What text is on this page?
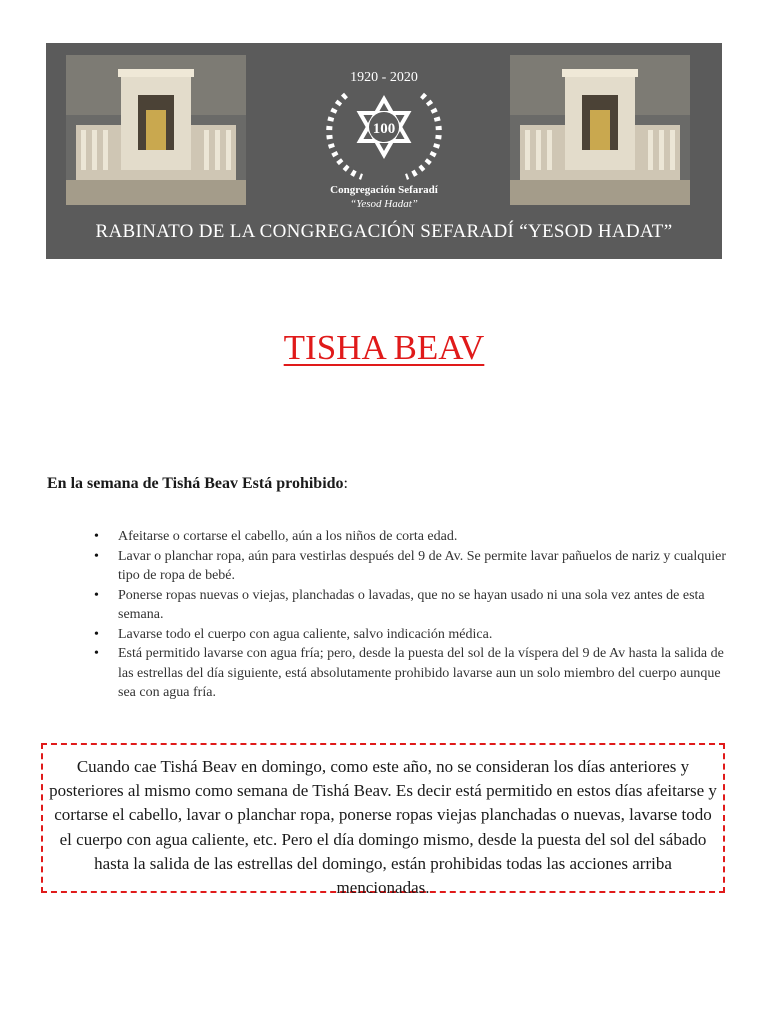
1920 - 2020
100
Congregación Sefaradí
“Yesod Hadat”
RABINATO DE LA CONGREGACIÓN SEFARADÍ “YESOD HADAT”
TISHA BEAV
En la semana de Tishá Beav Está prohibido:
• Afeitarse o cortarse el cabello, aún a los niños de corta edad.
• Lavar o planchar ropa, aún para vestirlas después del 9 de Av. Se permite lavar pañuelos de nariz y cualquier tipo de ropa de bebé.
• Ponerse ropas nuevas o viejas, planchadas o lavadas, que no se hayan usado ni una sola vez antes de esta semana.
• Lavarse todo el cuerpo con agua caliente, salvo indicación médica.
• Está permitido lavarse con agua fría; pero, desde la puesta del sol de la víspera del 9 de Av hasta la salida de las estrellas del día siguiente, está absolutamente prohibido lavarse aun un solo miembro del cuerpo aunque sea con agua fría.
Cuando cae Tishá Beav en domingo, como este año, no se consideran los días anteriores y posteriores al mismo como semana de Tishá Beav. Es decir está permitido en estos días afeitarse y cortarse el cabello, lavar o planchar ropa, ponerse ropas viejas planchadas o nuevas, lavarse todo el cuerpo con agua caliente, etc. Pero el día domingo mismo, desde la puesta del sol del sábado hasta la salida de las estrellas del domingo, están prohibidas todas las acciones arriba mencionadas.
